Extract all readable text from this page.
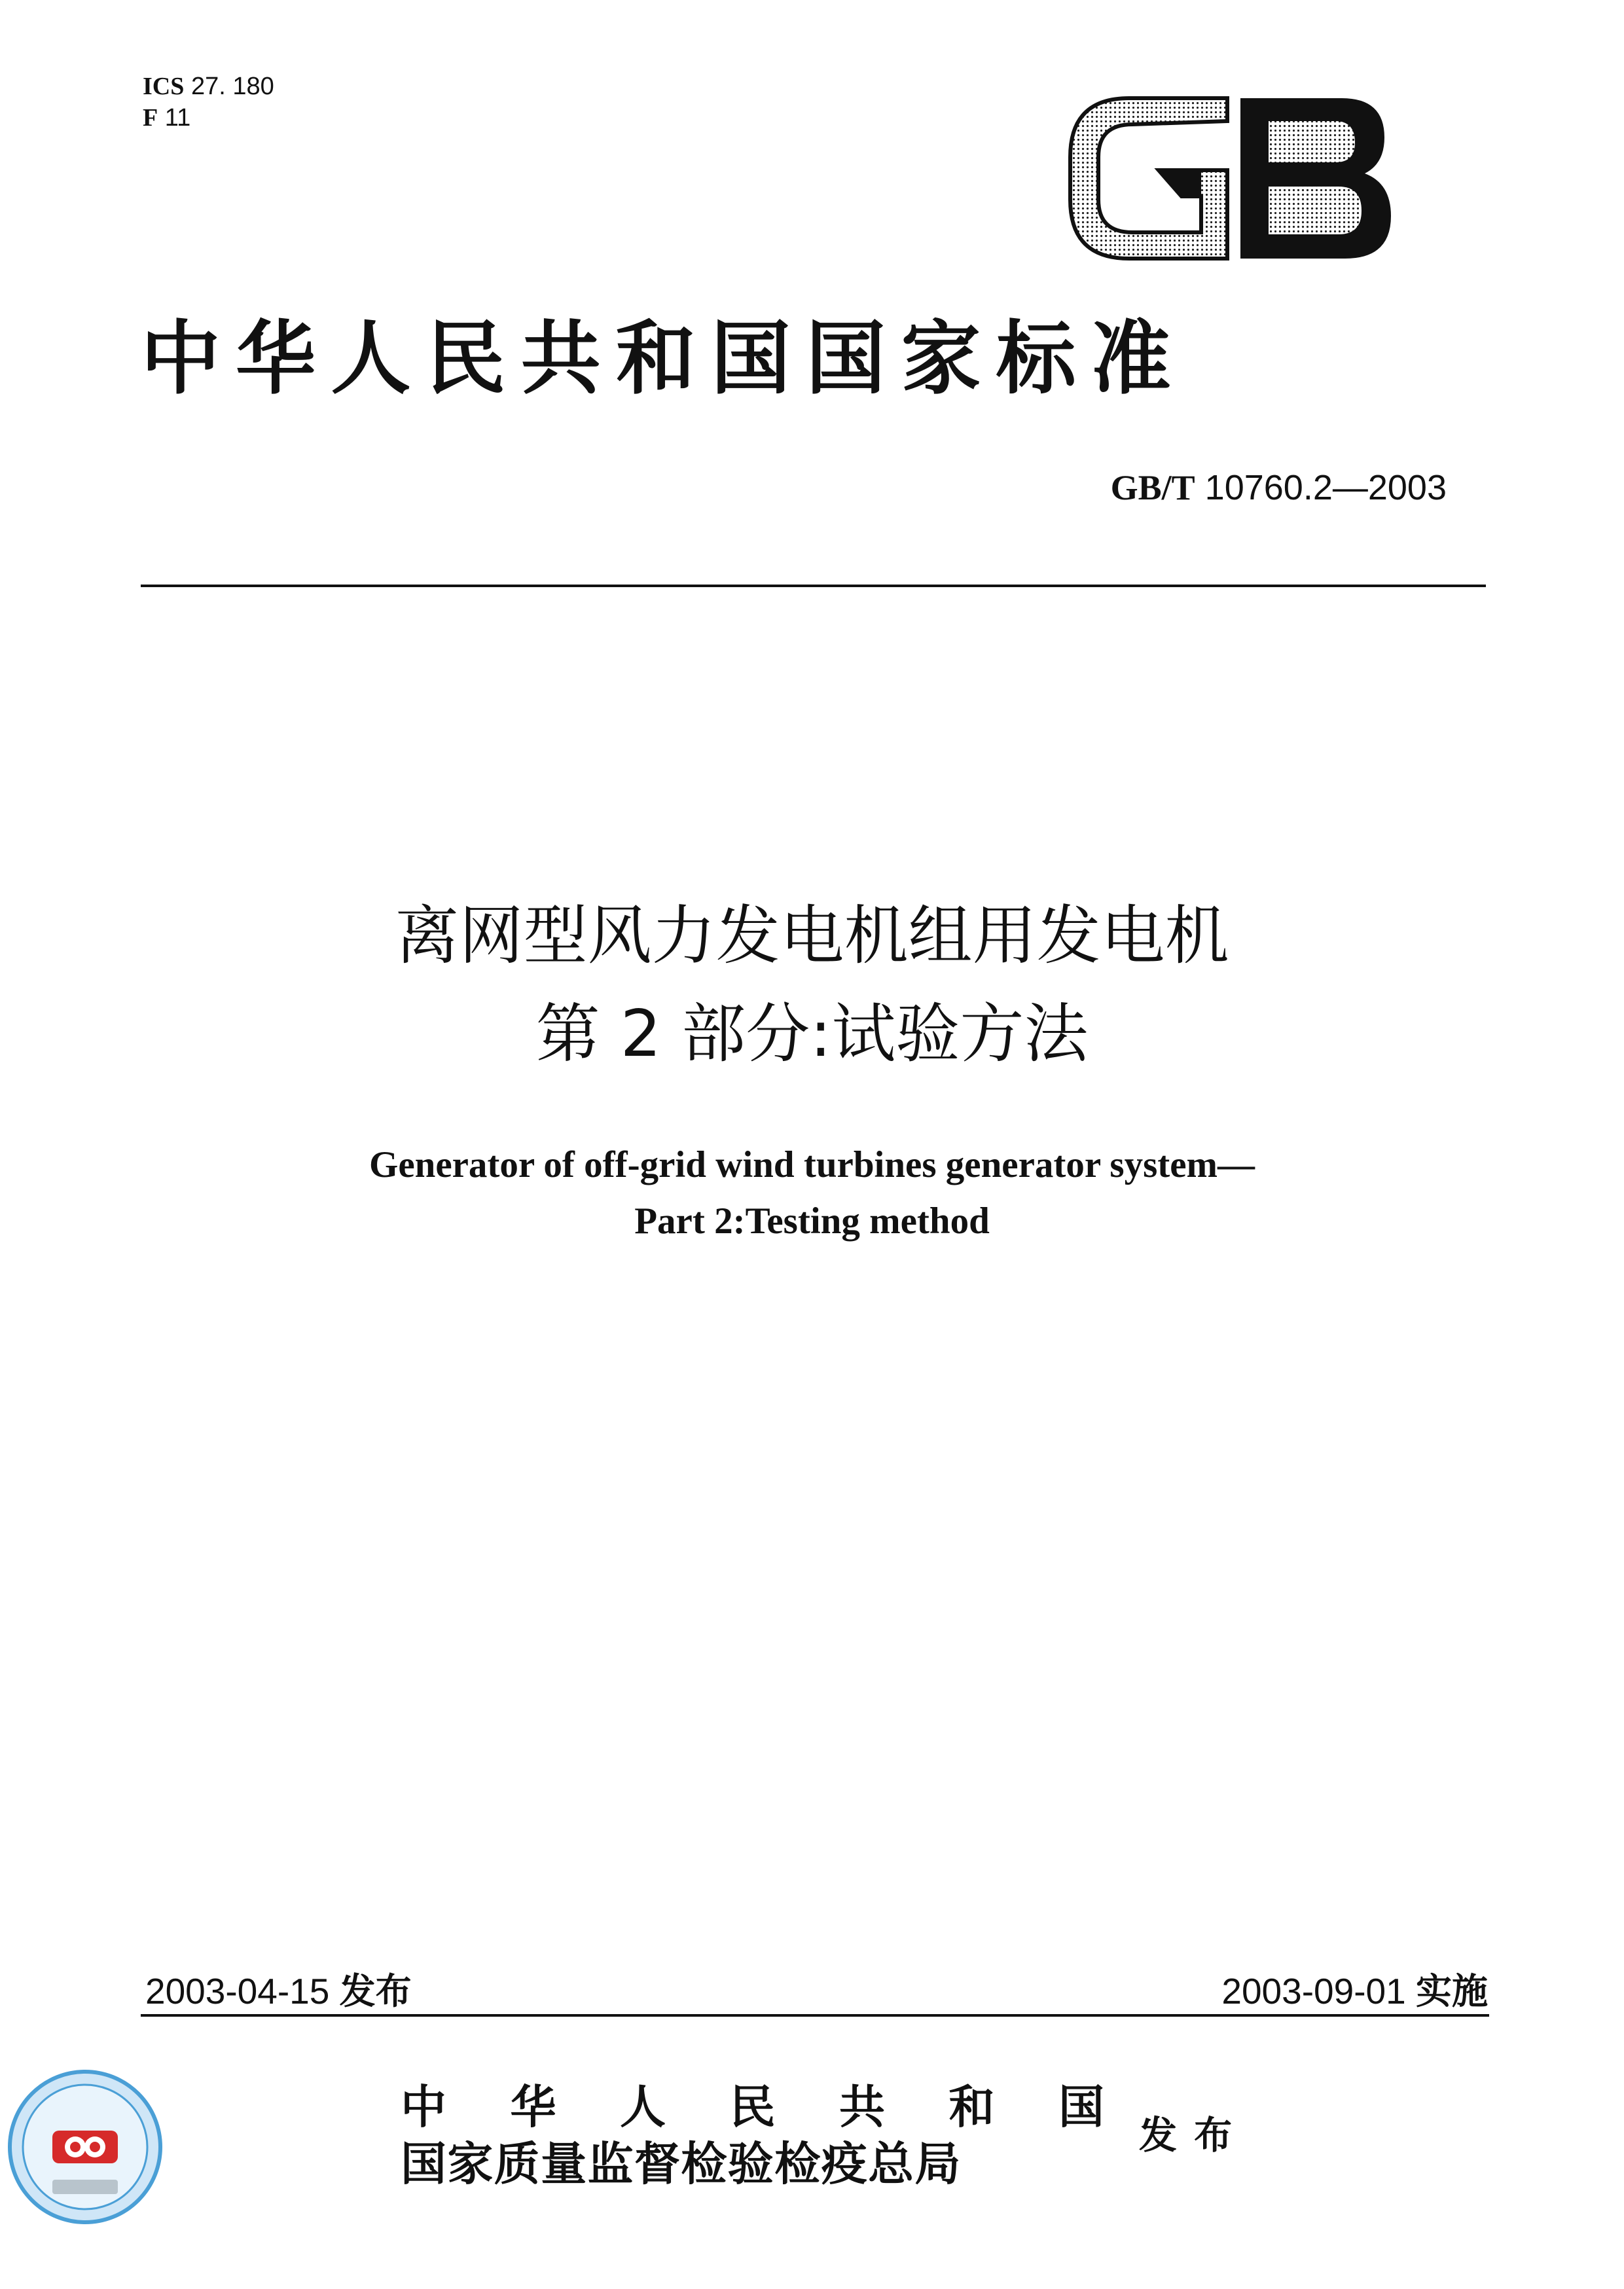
ICS 27. 180
F 11
中华人民共和国国家标准
GB/T 10760.2—2003
离网型风力发电机组用发电机
第 2 部分:试验方法
Generator of off-grid wind turbines generator system—
Part 2:Testing method
2003-04-15 发布	2003-09-01 实施
中 华 人 民 共 和 国
国家质量监督检验检疫总局
发布
